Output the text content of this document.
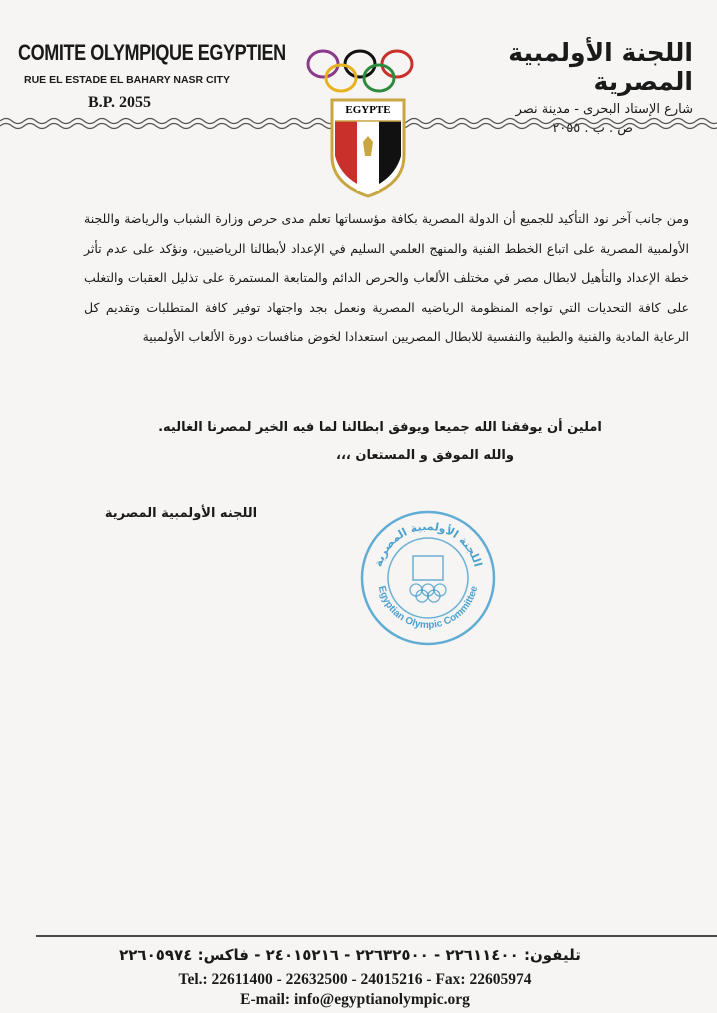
COMITE OLYMPIQUE EGYPTIEN
RUE EL ESTADE EL BAHARY NASR CITY
B.P. 2055
اللجنة الأولمبية المصرية
شارع الإستاد البحرى - مدينة نصر
ص . ب . ٢٠٥٥
EGYPTE
ومن جانب آخر نود التأكيد للجميع أن الدولة المصرية بكافة مؤسساتها تعلم مدى حرص وزارة الشباب والرياضة واللجنة الأولمبية المصرية على اتباع الخطط الفنية والمنهج العلمي السليم في الإعداد لأبطالنا الرياضيين، ونؤكد على عدم تأثر خطة الإعداد والتأهيل لابطال مصر في مختلف الألعاب والحرص الدائم والمتابعة المستمرة على تذليل العقبات والتغلب على كافة التحديات التي تواجه المنظومة الرياضيه المصرية ونعمل بجد واجتهاد توفير كافة المتطلبات وتقديم كل الرعاية المادية والفنية والطبية والنفسية للابطال المصريين استعدادا لخوض منافسات دورة الألعاب الأولمبية
املين أن يوفقنا الله جميعا ويوفق ابطالنا لما فيه الخير لمصرنا الغاليه.
والله الموفق و المستعان ،،،
اللجنه الأولمبية المصرية
اللجنة الأولمبية المصرية
Egyptian Olympic Committee
تليفون: ٢٢٦١١٤٠٠ - ٢٢٦٣٢٥٠٠ - ٢٤٠١٥٢١٦ - فاكس: ٢٢٦٠٥٩٧٤
Tel.: 22611400 - 22632500 - 24015216 - Fax: 22605974
E-mail: info@egyptianolympic.org
